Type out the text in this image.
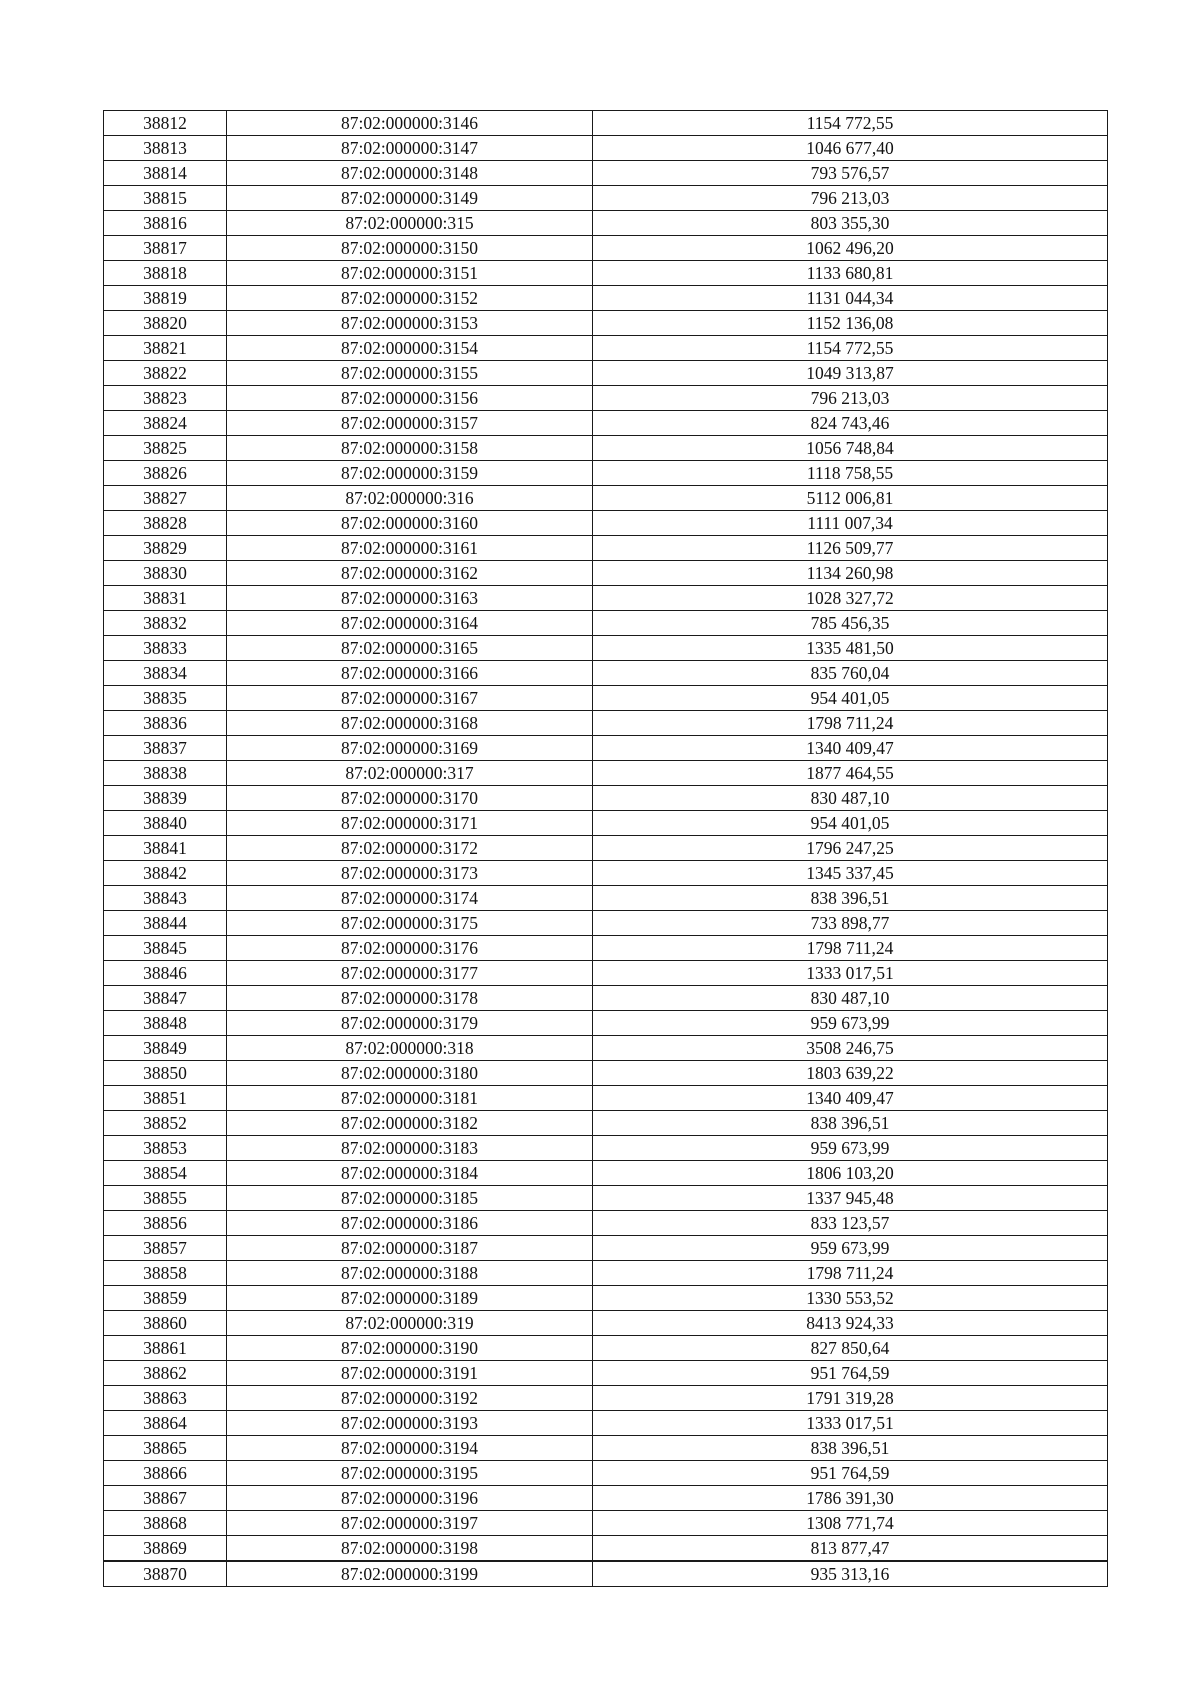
38812	87:02:000000:3146	1154 772,55
38813	87:02:000000:3147	1046 677,40
38814	87:02:000000:3148	793 576,57
38815	87:02:000000:3149	796 213,03
38816	87:02:000000:315	803 355,30
38817	87:02:000000:3150	1062 496,20
38818	87:02:000000:3151	1133 680,81
38819	87:02:000000:3152	1131 044,34
38820	87:02:000000:3153	1152 136,08
38821	87:02:000000:3154	1154 772,55
38822	87:02:000000:3155	1049 313,87
38823	87:02:000000:3156	796 213,03
38824	87:02:000000:3157	824 743,46
38825	87:02:000000:3158	1056 748,84
38826	87:02:000000:3159	1118 758,55
38827	87:02:000000:316	5112 006,81
38828	87:02:000000:3160	1111 007,34
38829	87:02:000000:3161	1126 509,77
38830	87:02:000000:3162	1134 260,98
38831	87:02:000000:3163	1028 327,72
38832	87:02:000000:3164	785 456,35
38833	87:02:000000:3165	1335 481,50
38834	87:02:000000:3166	835 760,04
38835	87:02:000000:3167	954 401,05
38836	87:02:000000:3168	1798 711,24
38837	87:02:000000:3169	1340 409,47
38838	87:02:000000:317	1877 464,55
38839	87:02:000000:3170	830 487,10
38840	87:02:000000:3171	954 401,05
38841	87:02:000000:3172	1796 247,25
38842	87:02:000000:3173	1345 337,45
38843	87:02:000000:3174	838 396,51
38844	87:02:000000:3175	733 898,77
38845	87:02:000000:3176	1798 711,24
38846	87:02:000000:3177	1333 017,51
38847	87:02:000000:3178	830 487,10
38848	87:02:000000:3179	959 673,99
38849	87:02:000000:318	3508 246,75
38850	87:02:000000:3180	1803 639,22
38851	87:02:000000:3181	1340 409,47
38852	87:02:000000:3182	838 396,51
38853	87:02:000000:3183	959 673,99
38854	87:02:000000:3184	1806 103,20
38855	87:02:000000:3185	1337 945,48
38856	87:02:000000:3186	833 123,57
38857	87:02:000000:3187	959 673,99
38858	87:02:000000:3188	1798 711,24
38859	87:02:000000:3189	1330 553,52
38860	87:02:000000:319	8413 924,33
38861	87:02:000000:3190	827 850,64
38862	87:02:000000:3191	951 764,59
38863	87:02:000000:3192	1791 319,28
38864	87:02:000000:3193	1333 017,51
38865	87:02:000000:3194	838 396,51
38866	87:02:000000:3195	951 764,59
38867	87:02:000000:3196	1786 391,30
38868	87:02:000000:3197	1308 771,74
38869	87:02:000000:3198	813 877,47
38870	87:02:000000:3199	935 313,16
